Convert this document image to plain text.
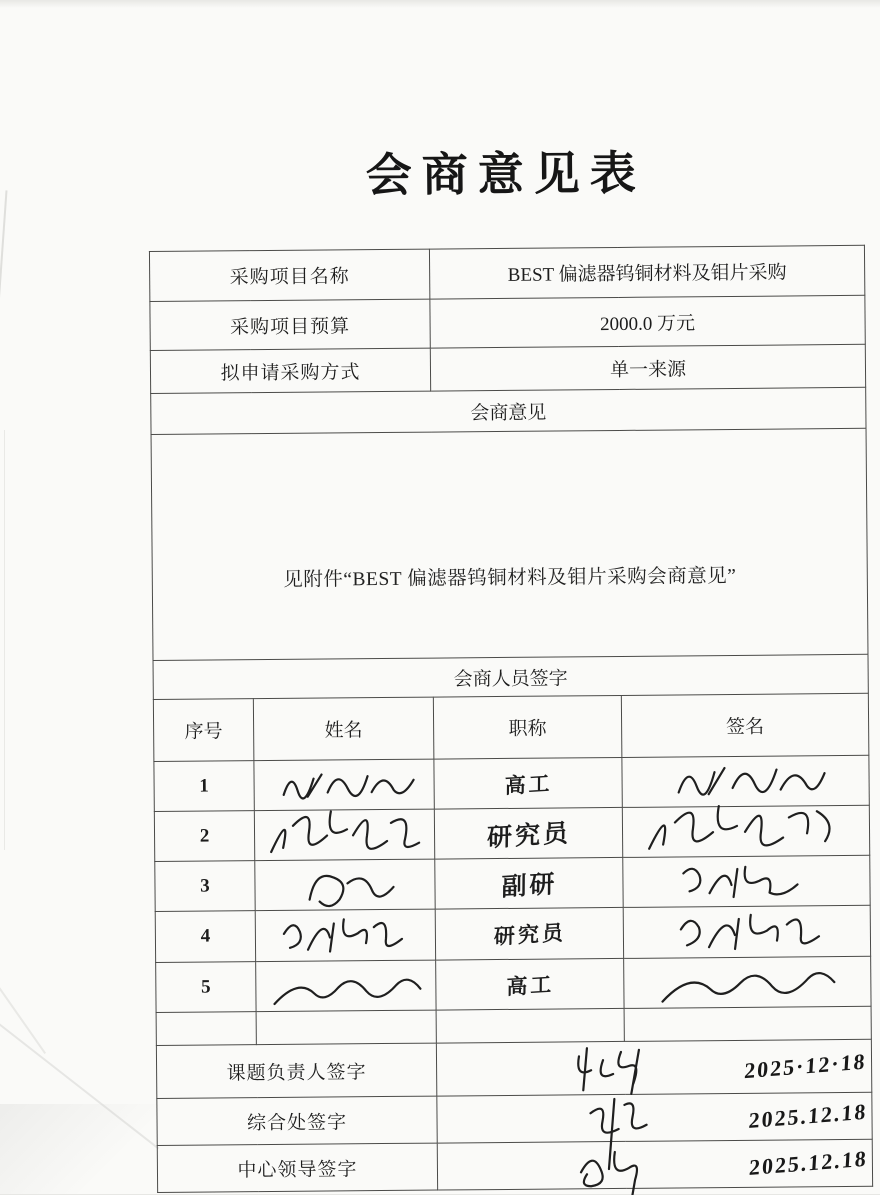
会商意见表
采购项目名称		BEST 偏滤器钨铜材料及钼片采购	
采购项目预算		2000.0 万元	
拟申请采购方式		单一来源	
会商意见			

见附件“BEST 偏滤器钨铜材料及钼片采购会商意见”			

会商人员签字			
序号	姓名	职称	签名
1		高工	

2		研究员	

3		副研	

4		研究员	

5		高工	

课题负责人签字		2025·12·18	

综合处签字		2025.12.18	

中心领导签字		2025.12.18	
